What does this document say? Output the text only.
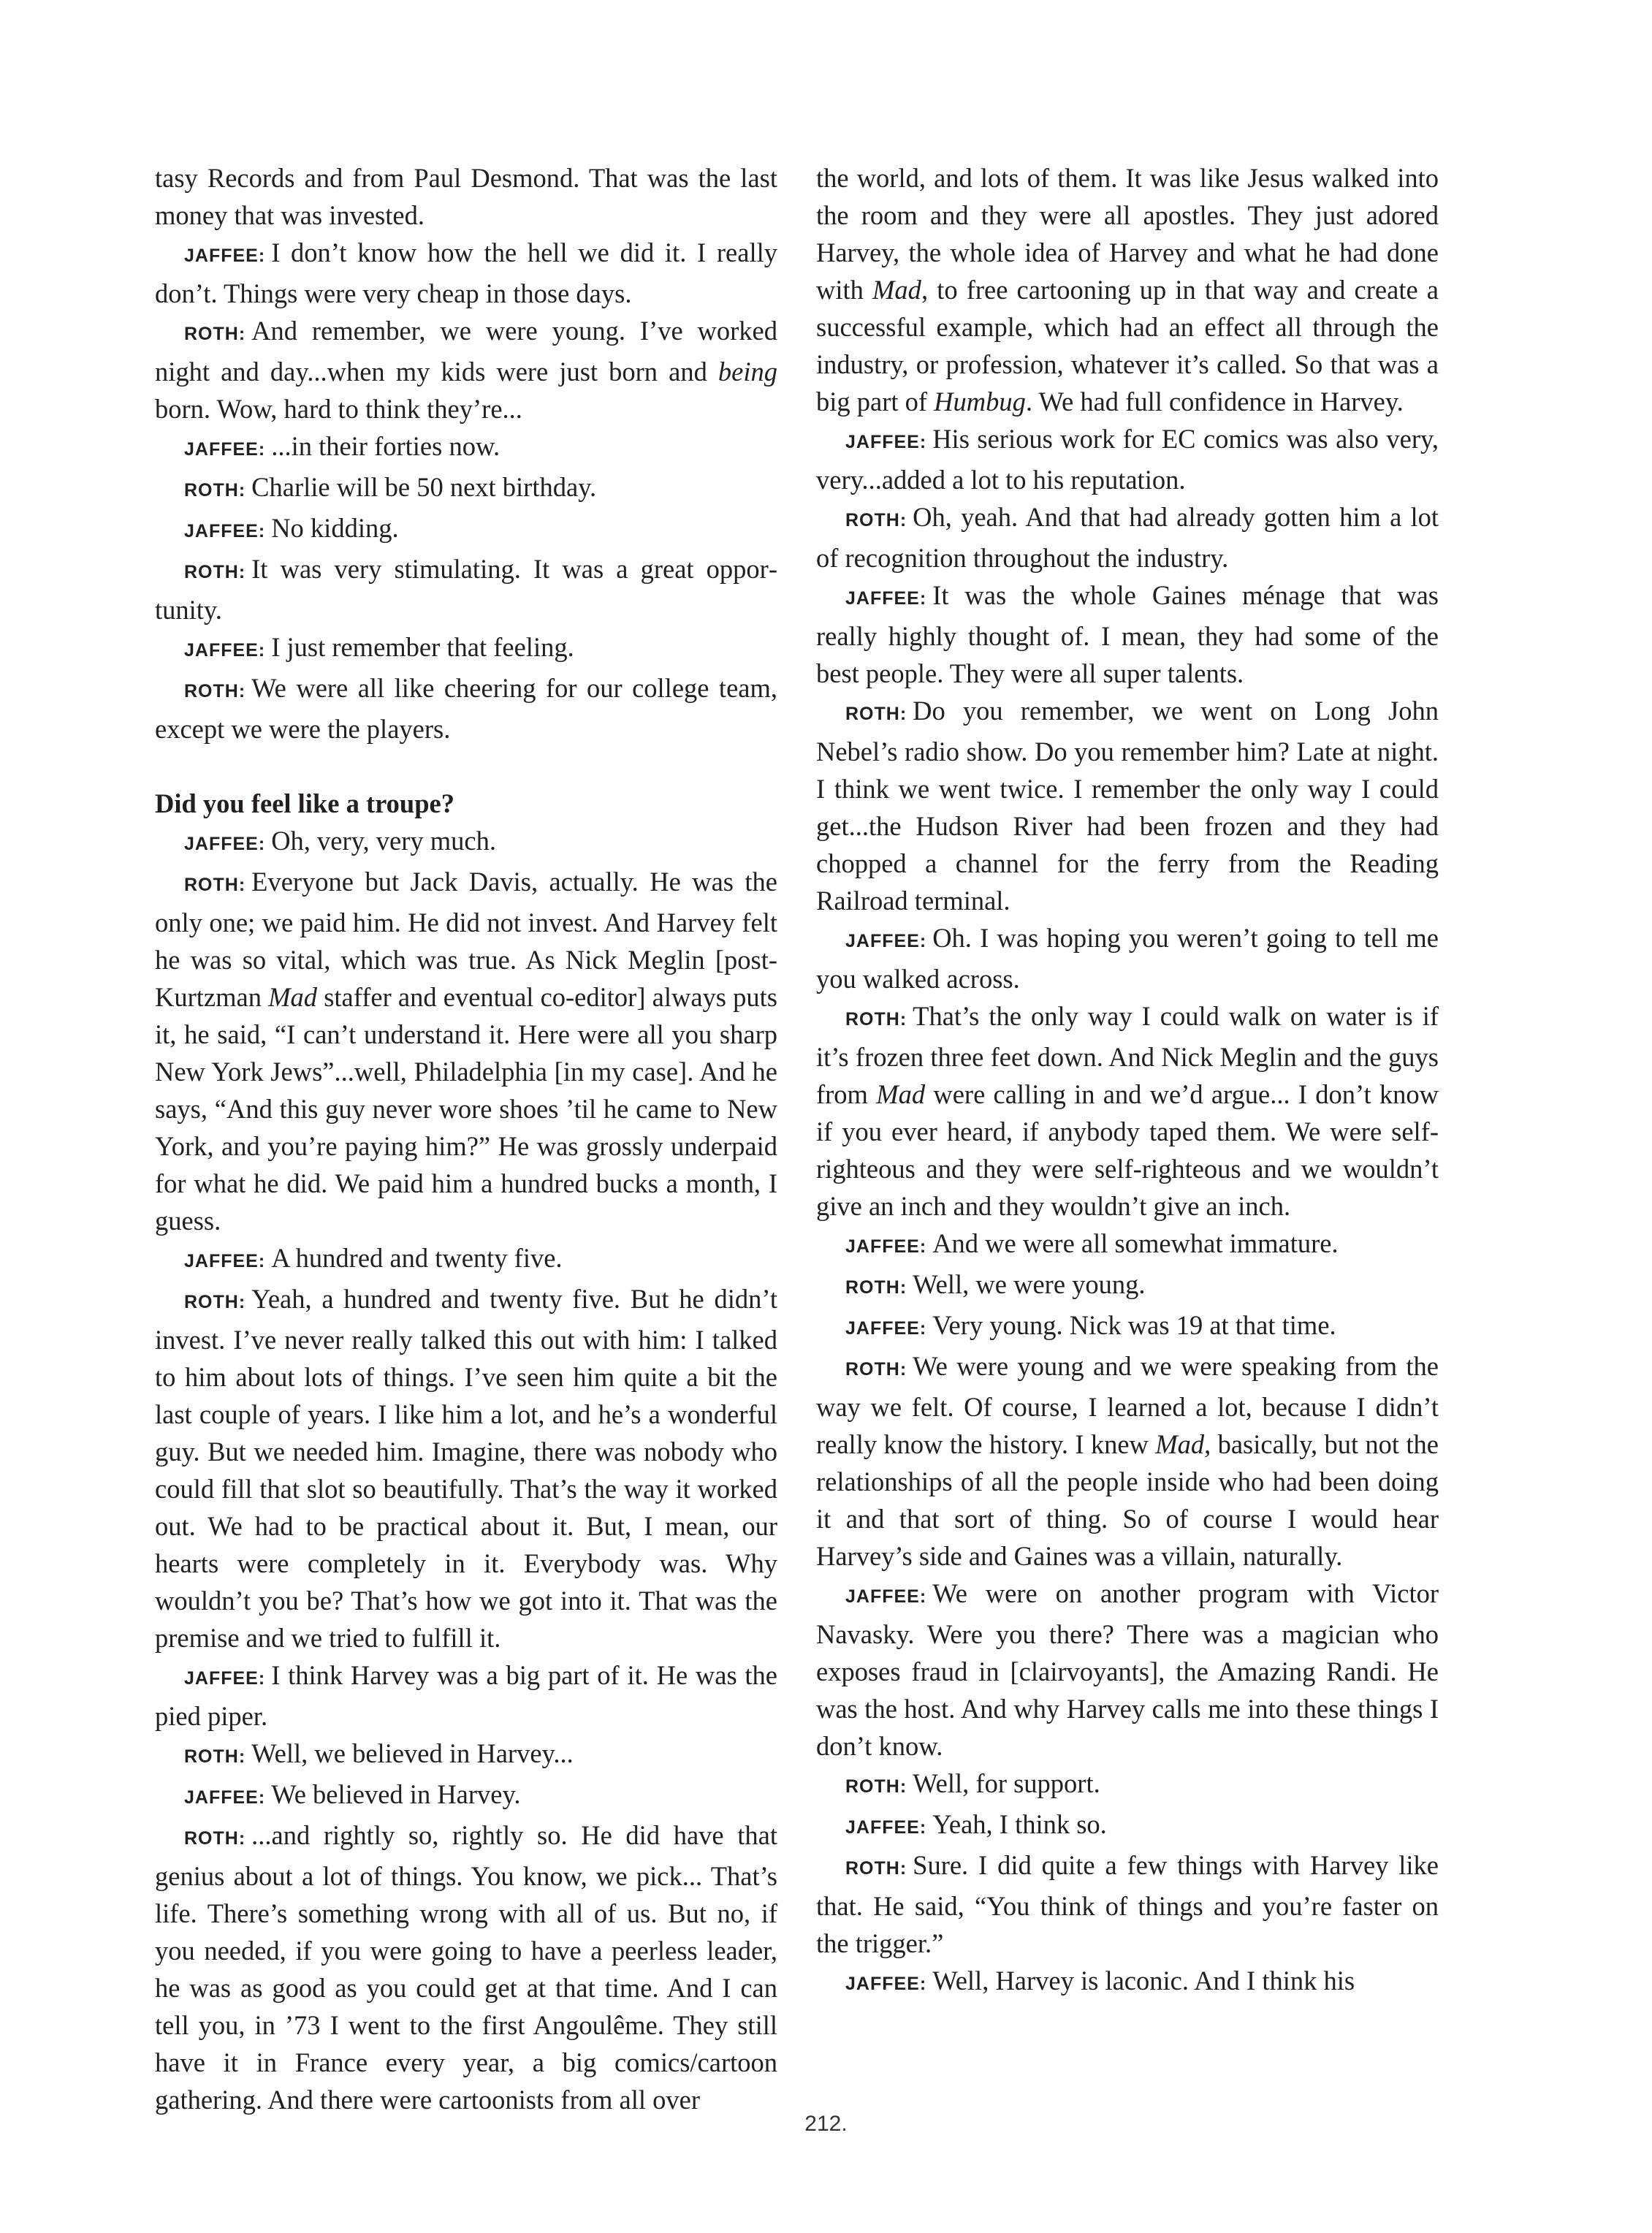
tasy Records and from Paul Desmond. That was the last money that was invested.

JAFFEE: I don’t know how the hell we did it. I really don’t. Things were very cheap in those days.

ROTH: And remember, we were young. I’ve worked night and day...when my kids were just born and being born. Wow, hard to think they’re...

JAFFEE: ...in their forties now.

ROTH: Charlie will be 50 next birthday.

JAFFEE: No kidding.

ROTH: It was very stimulating. It was a great opportunity.

JAFFEE: I just remember that feeling.

ROTH: We were all like cheering for our college team, except we were the players.

Did you feel like a troupe?

JAFFEE: Oh, very, very much.

ROTH: Everyone but Jack Davis, actually. He was the only one; we paid him. He did not invest. And Harvey felt he was so vital, which was true. As Nick Meglin [post-Kurtzman Mad staffer and eventual co-editor] always puts it, he said, “I can’t understand it. Here were all you sharp New York Jews”...well, Philadelphia [in my case]. And he says, “And this guy never wore shoes ’til he came to New York, and you’re paying him?” He was grossly underpaid for what he did. We paid him a hundred bucks a month, I guess.

JAFFEE: A hundred and twenty five.

ROTH: Yeah, a hundred and twenty five. But he didn’t invest. I’ve never really talked this out with him: I talked to him about lots of things. I’ve seen him quite a bit the last couple of years. I like him a lot, and he’s a wonderful guy. But we needed him. Imagine, there was nobody who could fill that slot so beautifully. That’s the way it worked out. We had to be practical about it. But, I mean, our hearts were completely in it. Everybody was. Why wouldn’t you be? That’s how we got into it. That was the premise and we tried to fulfill it.

JAFFEE: I think Harvey was a big part of it. He was the pied piper.

ROTH: Well, we believed in Harvey...

JAFFEE: We believed in Harvey.

ROTH: ...and rightly so, rightly so. He did have that genius about a lot of things. You know, we pick... That’s life. There’s something wrong with all of us. But no, if you needed, if you were going to have a peerless leader, he was as good as you could get at that time. And I can tell you, in ’73 I went to the first Angoulême. They still have it in France every year, a big comics/cartoon gathering. And there were cartoonists from all over

the world, and lots of them. It was like Jesus walked into the room and they were all apostles. They just adored Harvey, the whole idea of Harvey and what he had done with Mad, to free cartooning up in that way and create a successful example, which had an effect all through the industry, or profession, whatever it’s called. So that was a big part of Humbug. We had full confidence in Harvey.

JAFFEE: His serious work for EC comics was also very, very...added a lot to his reputation.

ROTH: Oh, yeah. And that had already gotten him a lot of recognition throughout the industry.

JAFFEE: It was the whole Gaines ménage that was really highly thought of. I mean, they had some of the best people. They were all super talents.

ROTH: Do you remember, we went on Long John Nebel’s radio show. Do you remember him? Late at night. I think we went twice. I remember the only way I could get...the Hudson River had been frozen and they had chopped a channel for the ferry from the Reading Railroad terminal.

JAFFEE: Oh. I was hoping you weren’t going to tell me you walked across.

ROTH: That’s the only way I could walk on water is if it’s frozen three feet down. And Nick Meglin and the guys from Mad were calling in and we’d argue... I don’t know if you ever heard, if anybody taped them. We were self-righteous and they were self-righteous and we wouldn’t give an inch and they wouldn’t give an inch.

JAFFEE: And we were all somewhat immature.

ROTH: Well, we were young.

JAFFEE: Very young. Nick was 19 at that time.

ROTH: We were young and we were speaking from the way we felt. Of course, I learned a lot, because I didn’t really know the history. I knew Mad, basically, but not the relationships of all the people inside who had been doing it and that sort of thing. So of course I would hear Harvey’s side and Gaines was a villain, naturally.

JAFFEE: We were on another program with Victor Navasky. Were you there? There was a magician who exposes fraud in [clairvoyants], the Amazing Randi. He was the host. And why Harvey calls me into these things I don’t know.

ROTH: Well, for support.

JAFFEE: Yeah, I think so.

ROTH: Sure. I did quite a few things with Harvey like that. He said, “You think of things and you’re faster on the trigger.”

JAFFEE: Well, Harvey is laconic. And I think his

212.
